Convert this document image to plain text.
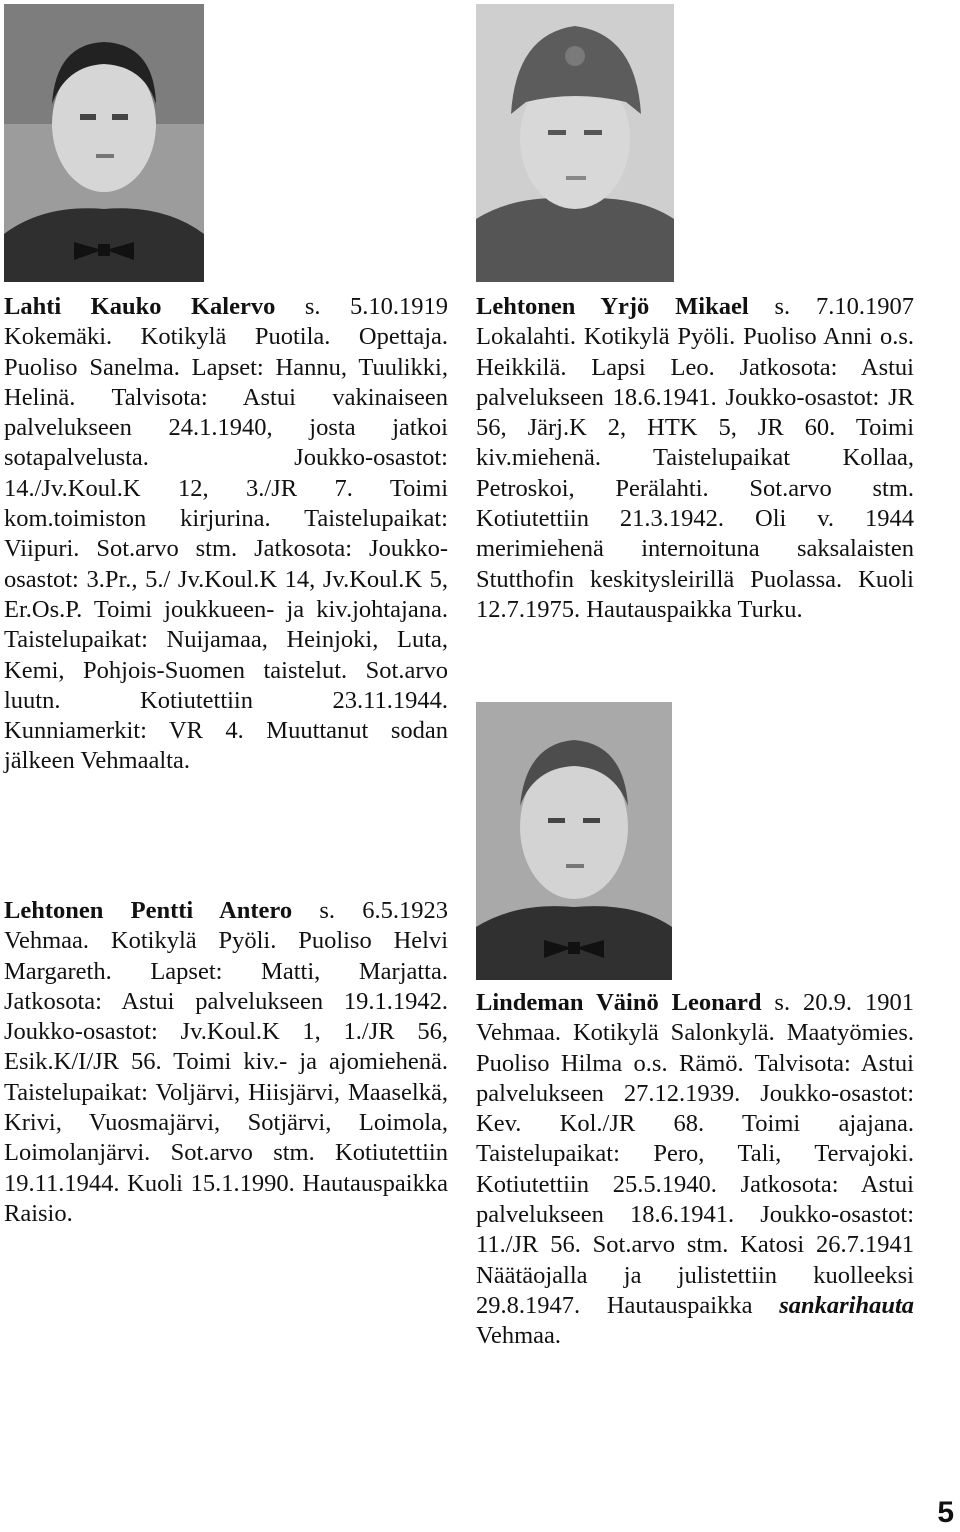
Lahti Kauko Kalervo s. 5.10.1919 Kokemäki. Kotikylä Puotila. Opettaja. Puoliso Sanelma. Lapset: Hannu, Tuulikki, Helinä. Talvisota: Astui vakinaiseen palvelukseen 24.1.1940, josta jatkoi sotapalvelusta. Joukko-osastot: 14./Jv.Koul.K 12, 3./JR 7. Toimi kom.toimiston kirjurina. Taistelupaikat: Viipuri. Sot.arvo stm. Jatkosota: Joukko-osastot: 3.Pr., 5./ Jv.Koul.K 14, Jv.Koul.K 5, Er.Os.P. Toimi joukkueen- ja kiv.johtajana. Taistelupaikat: Nuijamaa, Heinjoki, Luta, Kemi, Pohjois-Suomen taistelut. Sot.arvo luutn. Kotiutettiin 23.11.1944. Kunniamerkit: VR 4. Muuttanut sodan jälkeen Vehmaalta.
Lehtonen Yrjö Mikael s. 7.10.1907 Lokalahti. Kotikylä Pyöli. Puoliso Anni o.s. Heikkilä. Lapsi Leo. Jatkosota: Astui palvelukseen 18.6.1941. Joukko-osastot: JR 56, Järj.K 2, HTK 5, JR 60. Toimi kiv.miehenä. Taistelupaikat Kollaa, Petroskoi, Perälahti. Sot.arvo stm. Kotiutettiin 21.3.1942. Oli v. 1944 merimiehenä internoituna saksalaisten Stutthofin keskitysleirillä Puolassa. Kuoli 12.7.1975. Hautauspaikka Turku.
Lehtonen Pentti Antero s. 6.5.1923 Vehmaa. Kotikylä Pyöli. Puoliso Helvi Margareth. Lapset: Matti, Marjatta. Jatkosota: Astui palvelukseen 19.1.1942. Joukko-osastot: Jv.Koul.K 1, 1./JR 56, Esik.K/I/JR 56. Toimi kiv.- ja ajomiehenä. Taistelupaikat: Voljärvi, Hiisjärvi, Maaselkä, Krivi, Vuosmajärvi, Sotjärvi, Loimola, Loimolanjärvi. Sot.arvo stm. Kotiutettiin 19.11.1944. Kuoli 15.1.1990. Hautauspaikka Raisio.
Lindeman Väinö Leonard s. 20.9. 1901 Vehmaa. Kotikylä Salonkylä. Maatyömies. Puoliso Hilma o.s. Rämö. Talvisota: Astui palvelukseen 27.12.1939. Joukko-osastot: Kev. Kol./JR 68. Toimi ajajana. Taistelupaikat: Pero, Tali, Tervajoki. Kotiutettiin 25.5.1940. Jatkosota: Astui palvelukseen 18.6.1941. Joukko-osastot: 11./JR 56. Sot.arvo stm. Katosi 26.7.1941 Näätäojalla ja julistettiin kuolleeksi 29.8.1947. Hautauspaikka sankarihauta Vehmaa.
5
